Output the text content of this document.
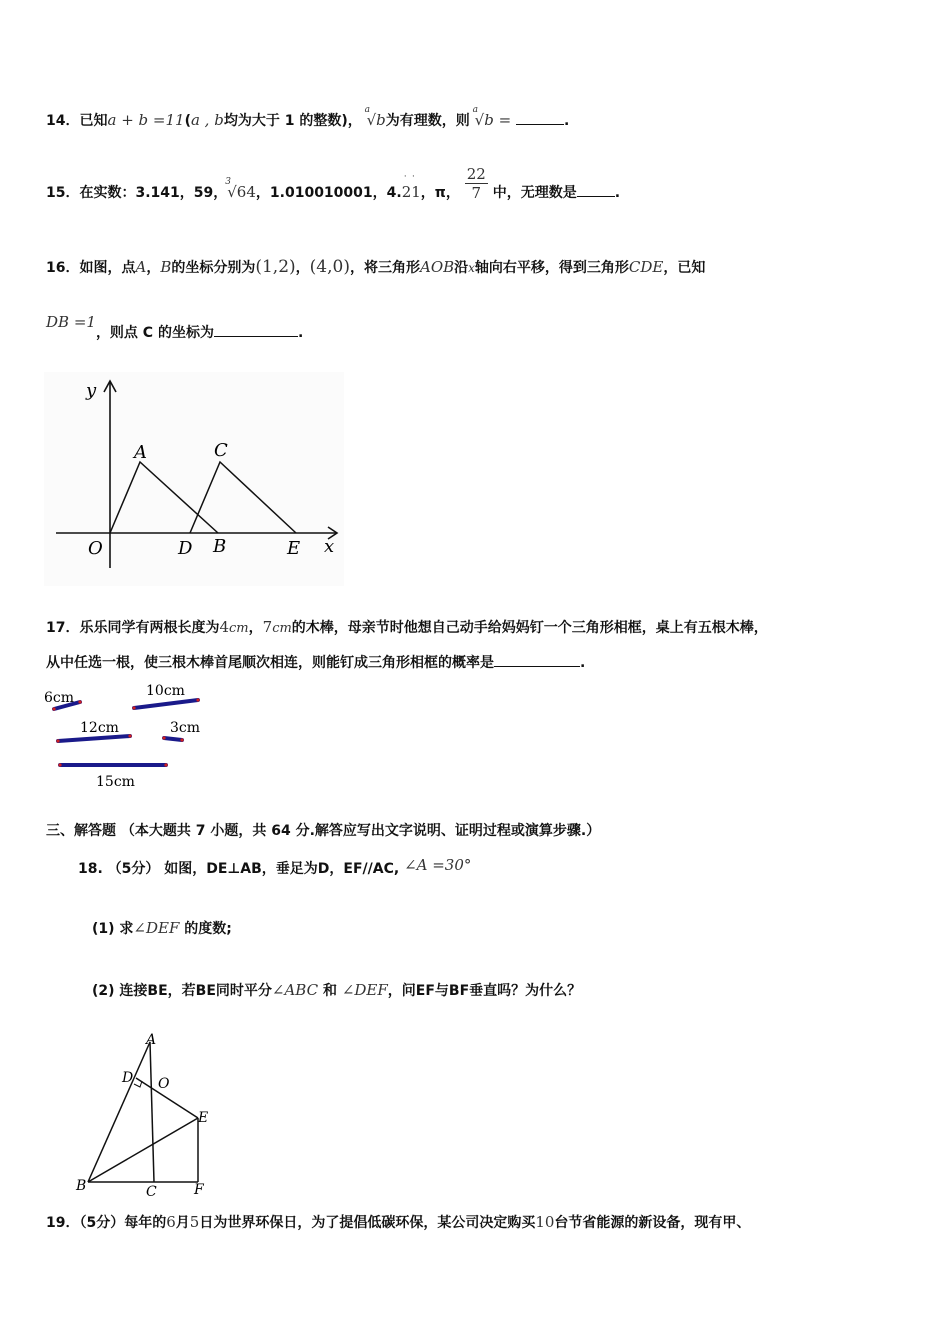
14．已知a + b =11(a , b均为大于 1 的整数)，
a
√b为有理数，则
a
√b =	.
15．在实数：3.141，59，
3
√64，1.010010001，4.21
˙ ˙
，π， $\frac{22}{7}$ 中，无理数是	.
16．如图，点A，B的坐标分别为(1,2)，(4,0)，将三角形AOB沿x轴向右平移，得到三角形CDE，已知
DB =1，则点 C 的坐标为	.
y
A	C
O	D B	E x
17．乐乐同学有两根长度为4cm，7cm的木棒，母亲节时他想自己动手给妈妈钉一个三角形相框，桌上有五根木棒，
从中任选一根，使三根木棒首尾顺次相连，则能钉成三角形相框的概率是	.
6cm	10cm
12cm	3cm
15cm
三、解答题 （本大题共 7 小题，共 64 分.解答应写出文字说明、证明过程或演算步骤.）
18. （5分） 如图，DE⊥AB，垂足为D，EF//AC, ∠A =30°
(1) 求∠DEF 的度数;
(2) 连接BE，若BE同时平分∠ABC 和 ∠DEF，问EF与BF垂直吗？为什么？
A
D O
E
B	C	F
19．（5分）每年的6月5日为世界环保日，为了提倡低碳环保，某公司决定购买10台节省能源的新设备，现有甲、
